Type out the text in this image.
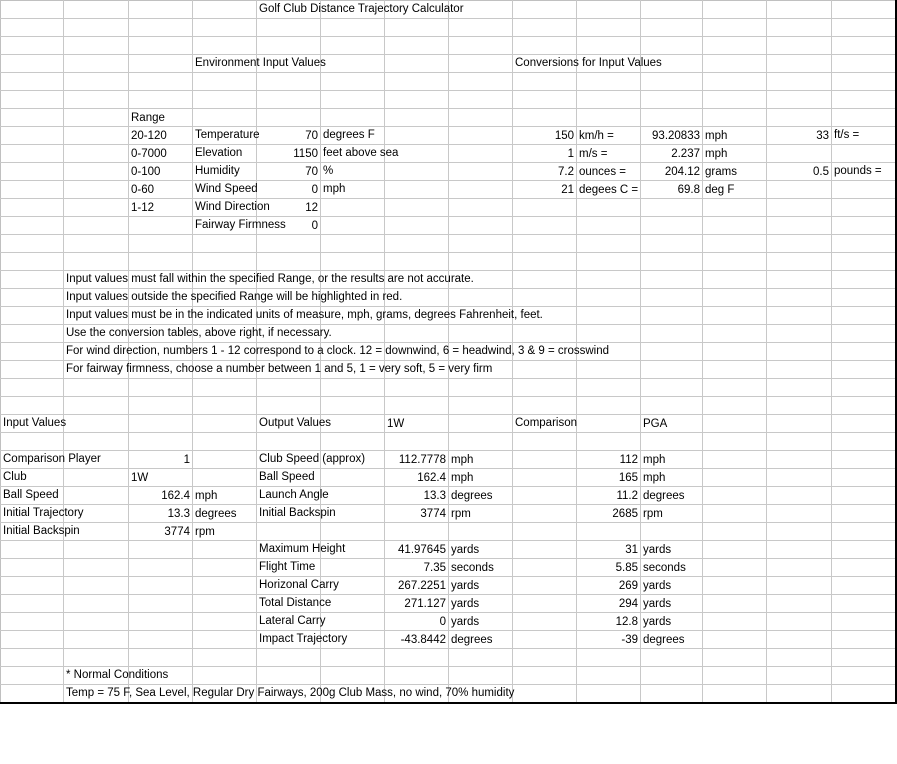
				Golf Club Distance Trajectory Calculator									

			Environment Input Values					Conversions for Input Values					

		Range											
		20-120	Temperature	70	degrees F			150	km/h =	93.20833	mph	33	ft/s =

		0-7000	Elevation	1150	feet above sea			1	m/s =	2.237	mph		
		0-100	Humidity	70	%			7.2	ounces =	204.12	grams	0.5	pounds =

		0-60	Wind Speed	0	mph			21	degees C =	69.8	deg F		
		1-12	Wind Direction	12									

			Fairway Firmness	0									

	Input values must fall within the specified Range, or the results are not accurate.												

	Input values outside the specified Range will be highlighted in red.												

	Input values must be in the indicated units of measure, mph, grams, degrees Fahrenheit, feet.												

	Use the conversion tables, above right, if necessary.												

	For wind direction, numbers 1 - 12 correspond to a clock. 12 = downwind, 6 = headwind, 3 & 9 = crosswind												

	For fairway firmness, choose a number between 1 and 5, 1 = very soft, 5 = very firm												

Input Values				Output Values		1W		Comparison		PGA			

Comparison Player		1		Club Speed (approx)		112.7778	mph		112	mph			

Club		1W		Ball Speed		162.4	mph		165	mph			

Ball Speed		162.4	mph	Launch Angle		13.3	degrees		11.2	degrees			

Initial Trajectory		13.3	degrees	Initial Backspin		3774	rpm		2685	rpm			

Initial Backspin		3774	rpm										

				Maximum Height		41.97645	yards		31	yards			

				Flight Time		7.35	seconds		5.85	seconds			

				Horizonal Carry		267.2251	yards		269	yards			

				Total Distance		271.127	yards		294	yards			

				Lateral Carry		0	yards		12.8	yards			

				Impact Trajectory		-43.8442	degrees		-39	degrees			

	* Normal Conditions												

	Temp = 75 F, Sea Level, Regular Dry Fairways, 200g Club Mass, no wind, 70% humidity												
